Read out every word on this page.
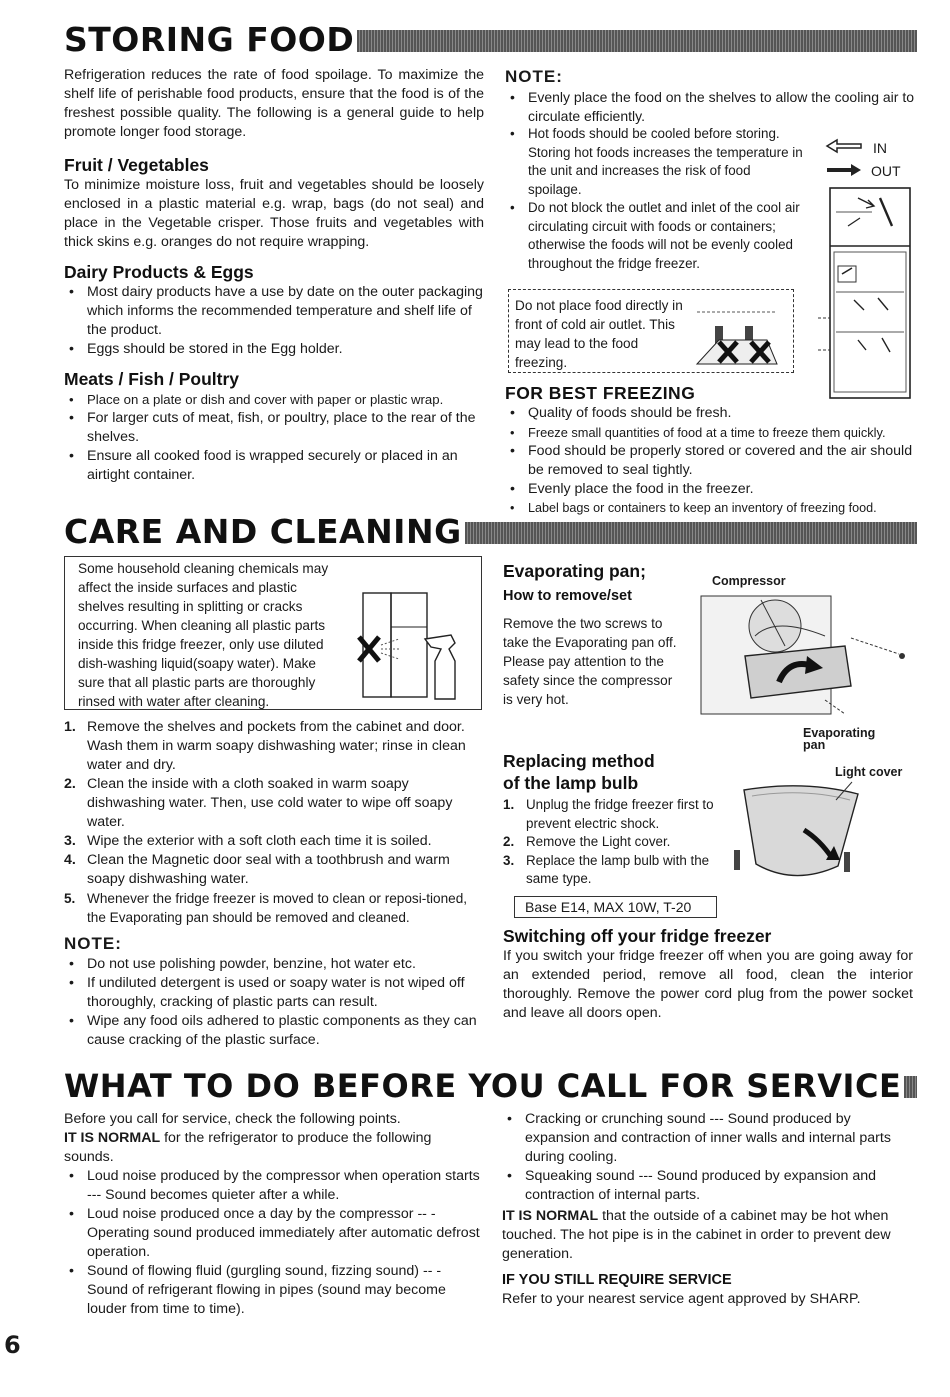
STORING FOOD

Refrigeration reduces the rate of food spoilage. To maximize the shelf life of perishable food products, ensure that the food is of the freshest possible quality. The following is a general guide to help promote longer food storage.

Fruit / Vegetables

To minimize moisture loss, fruit and vegetables should be loosely enclosed in a plastic material e.g. wrap, bags (do not seal) and place in the Vegetable crisper. Those fruits and vegetables with thick skins e.g. oranges do not require wrapping.

Dairy Products & Eggs

• Most dairy products have a use by date on the outer packaging which informs the recommended temperature and shelf life of the product.
• Eggs should be stored in the Egg holder.

Meats / Fish / Poultry

• Place on a plate or dish and cover with paper or plastic wrap.
• For larger cuts of meat, fish, or poultry, place to the rear of the shelves.
• Ensure all cooked food is wrapped securely or placed in an airtight container.

NOTE:

• Evenly place the food on the shelves to allow the cooling air to circulate efficiently.
• Hot foods should be cooled before storing. Storing hot foods increases the temperature in the unit and increases the risk of food spoilage.
• Do not block the outlet and inlet of the cool air circulating circuit with foods or containers; otherwise the foods will not be evenly cooled throughout the fridge freezer.
IN
OUT

Do not place food directly in front of cold air outlet. This may lead to the food freezing.

FOR BEST FREEZING

• Quality of foods should be fresh.
• Freeze small quantities of food at a time to freeze them quickly.
• Food should be properly stored or covered and the air should be removed to seal tightly.
• Evenly place the food in the freezer.
• Label bags or containers to keep an inventory of freezing food.
CARE AND CLEANING

Some household cleaning chemicals may affect the inside surfaces and plastic shelves resulting in splitting or cracks occurring. When cleaning all plastic parts inside this fridge freezer, only use diluted dish-washing liquid(soapy water). Make sure that all plastic parts are thoroughly rinsed with water after cleaning.

1. Remove the shelves and pockets from the cabinet and door. Wash them in warm soapy dishwashing water; rinse in clean water and dry.
2. Clean the inside with a cloth soaked in warm soapy dishwashing water. Then, use cold water to wipe off soapy water.
3. Wipe the exterior with a soft cloth each time it is soiled.
4. Clean the Magnetic door seal with a toothbrush and warm soapy dishwashing water.
5. Whenever the fridge freezer is moved to clean or reposi-tioned, the Evaporating pan should be removed and cleaned.

NOTE:

• Do not use polishing powder, benzine, hot water etc.
• If undiluted detergent is used or soapy water is not wiped off thoroughly, cracking of plastic parts can result.
• Wipe any food oils adhered to plastic components as they can cause cracking of the plastic surface.

Evaporating pan;

How to remove/set

Remove the two screws to take the Evaporating pan off. Please pay attention to the safety since the compressor is very hot.

Compressor
Evaporating
pan

Replacing method

of the lamp bulb

1. Unplug the fridge freezer first to prevent electric shock.
2. Remove the Light cover.
3. Replace the lamp bulb with the same type.
Light cover
Base E14, MAX 10W, T-20

Switching off your fridge freezer

If you switch your fridge freezer off when you are going away for an extended period, remove all food, clean the interior thoroughly. Remove the power cord plug from the power socket and leave all doors open.

WHAT TO DO BEFORE YOU CALL FOR SERVICE

Before you call for service, check the following points.

IT IS NORMAL for the refrigerator to produce the following sounds.

• Loud noise produced by the compressor when operation starts --- Sound becomes quieter after a while.
• Loud noise produced once a day by the compressor -- - Operating sound produced immediately after automatic defrost operation.
• Sound of flowing fluid (gurgling sound, fizzing sound) -- - Sound of refrigerant flowing in pipes (sound may become louder from time to time).
• Cracking or crunching sound --- Sound produced by expansion and contraction of inner walls and internal parts during cooling.
• Squeaking sound --- Sound produced by expansion and contraction of internal parts.

IT IS NORMAL that the outside of a cabinet may be hot when touched. The hot pipe is in the cabinet in order to prevent dew generation.

IF YOU STILL REQUIRE SERVICE

Refer to your nearest service agent approved by SHARP.

6
